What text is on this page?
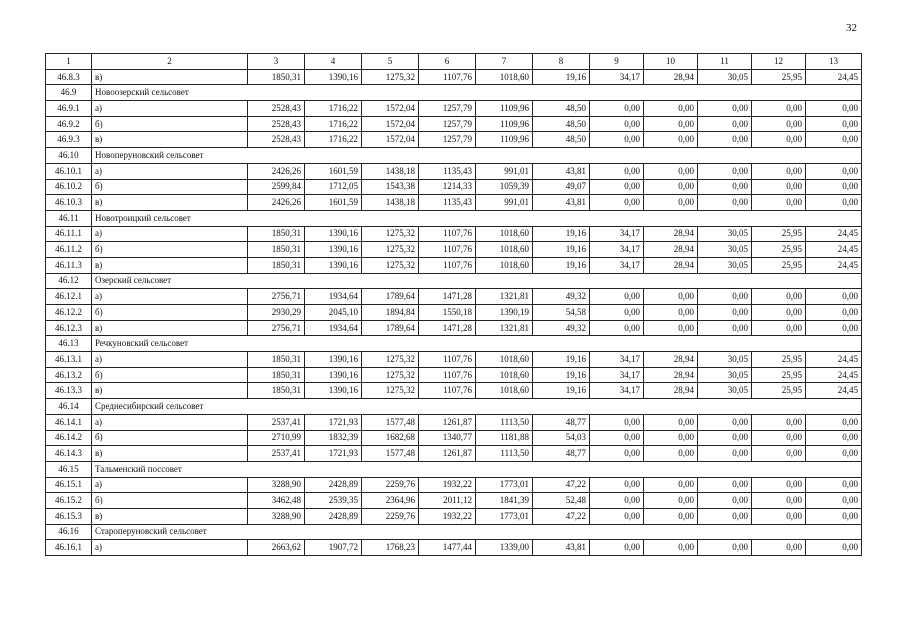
32
1	2	3	4	5	6	7	8	9	10	11	12	13
46.8.3	в)	1850,31	1390,16	1275,32	1107,76	1018,60	19,16	34,17	28,94	30,05	25,95	24,45
46.9	Новоозерский сельсовет											
46.9.1	а)	2528,43	1716,22	1572,04	1257,79	1109,96	48,50	0,00	0,00	0,00	0,00	0,00
46.9.2	б)	2528,43	1716,22	1572,04	1257,79	1109,96	48,50	0,00	0,00	0,00	0,00	0,00
46.9.3	в)	2528,43	1716,22	1572,04	1257,79	1109,96	48,50	0,00	0,00	0,00	0,00	0,00
46.10	Новоперуновский сельсовет											
46.10.1	а)	2426,26	1601,59	1438,18	1135,43	991,01	43,81	0,00	0,00	0,00	0,00	0,00
46.10.2	б)	2599,84	1712,05	1543,38	1214,33	1059,39	49,07	0,00	0,00	0,00	0,00	0,00
46.10.3	в)	2426,26	1601,59	1438,18	1135,43	991,01	43,81	0,00	0,00	0,00	0,00	0,00
46.11	Новотроицкий сельсовет											
46.11.1	а)	1850,31	1390,16	1275,32	1107,76	1018,60	19,16	34,17	28,94	30,05	25,95	24,45
46.11.2	б)	1850,31	1390,16	1275,32	1107,76	1018,60	19,16	34,17	28,94	30,05	25,95	24,45
46.11.3	в)	1850,31	1390,16	1275,32	1107,76	1018,60	19,16	34,17	28,94	30,05	25,95	24,45
46.12	Озерский сельсовет											
46.12.1	а)	2756,71	1934,64	1789,64	1471,28	1321,81	49,32	0,00	0,00	0,00	0,00	0,00
46.12.2	б)	2930,29	2045,10	1894,84	1550,18	1390,19	54,58	0,00	0,00	0,00	0,00	0,00
46.12.3	в)	2756,71	1934,64	1789,64	1471,28	1321,81	49,32	0,00	0,00	0,00	0,00	0,00
46.13	Речкуновский сельсовет											
46.13.1	а)	1850,31	1390,16	1275,32	1107,76	1018,60	19,16	34,17	28,94	30,05	25,95	24,45
46.13.2	б)	1850,31	1390,16	1275,32	1107,76	1018,60	19,16	34,17	28,94	30,05	25,95	24,45
46.13.3	в)	1850,31	1390,16	1275,32	1107,76	1018,60	19,16	34,17	28,94	30,05	25,95	24,45
46.14	Среднесибирский сельсовет											
46.14.1	а)	2537,41	1721,93	1577,48	1261,87	1113,50	48,77	0,00	0,00	0,00	0,00	0,00
46.14.2	б)	2710,99	1832,39	1682,68	1340,77	1181,88	54,03	0,00	0,00	0,00	0,00	0,00
46.14.3	в)	2537,41	1721,93	1577,48	1261,87	1113,50	48,77	0,00	0,00	0,00	0,00	0,00
46.15	Тальменский поссовет											
46.15.1	а)	3288,90	2428,89	2259,76	1932,22	1773,01	47,22	0,00	0,00	0,00	0,00	0,00
46.15.2	б)	3462,48	2539,35	2364,96	2011,12	1841,39	52,48	0,00	0,00	0,00	0,00	0,00
46.15.3	в)	3288,90	2428,89	2259,76	1932,22	1773,01	47,22	0,00	0,00	0,00	0,00	0,00
46.16	Староперуновский сельсовет											
46.16.1	а)	2663,62	1907,72	1768,23	1477,44	1339,00	43,81	0,00	0,00	0,00	0,00	0,00
